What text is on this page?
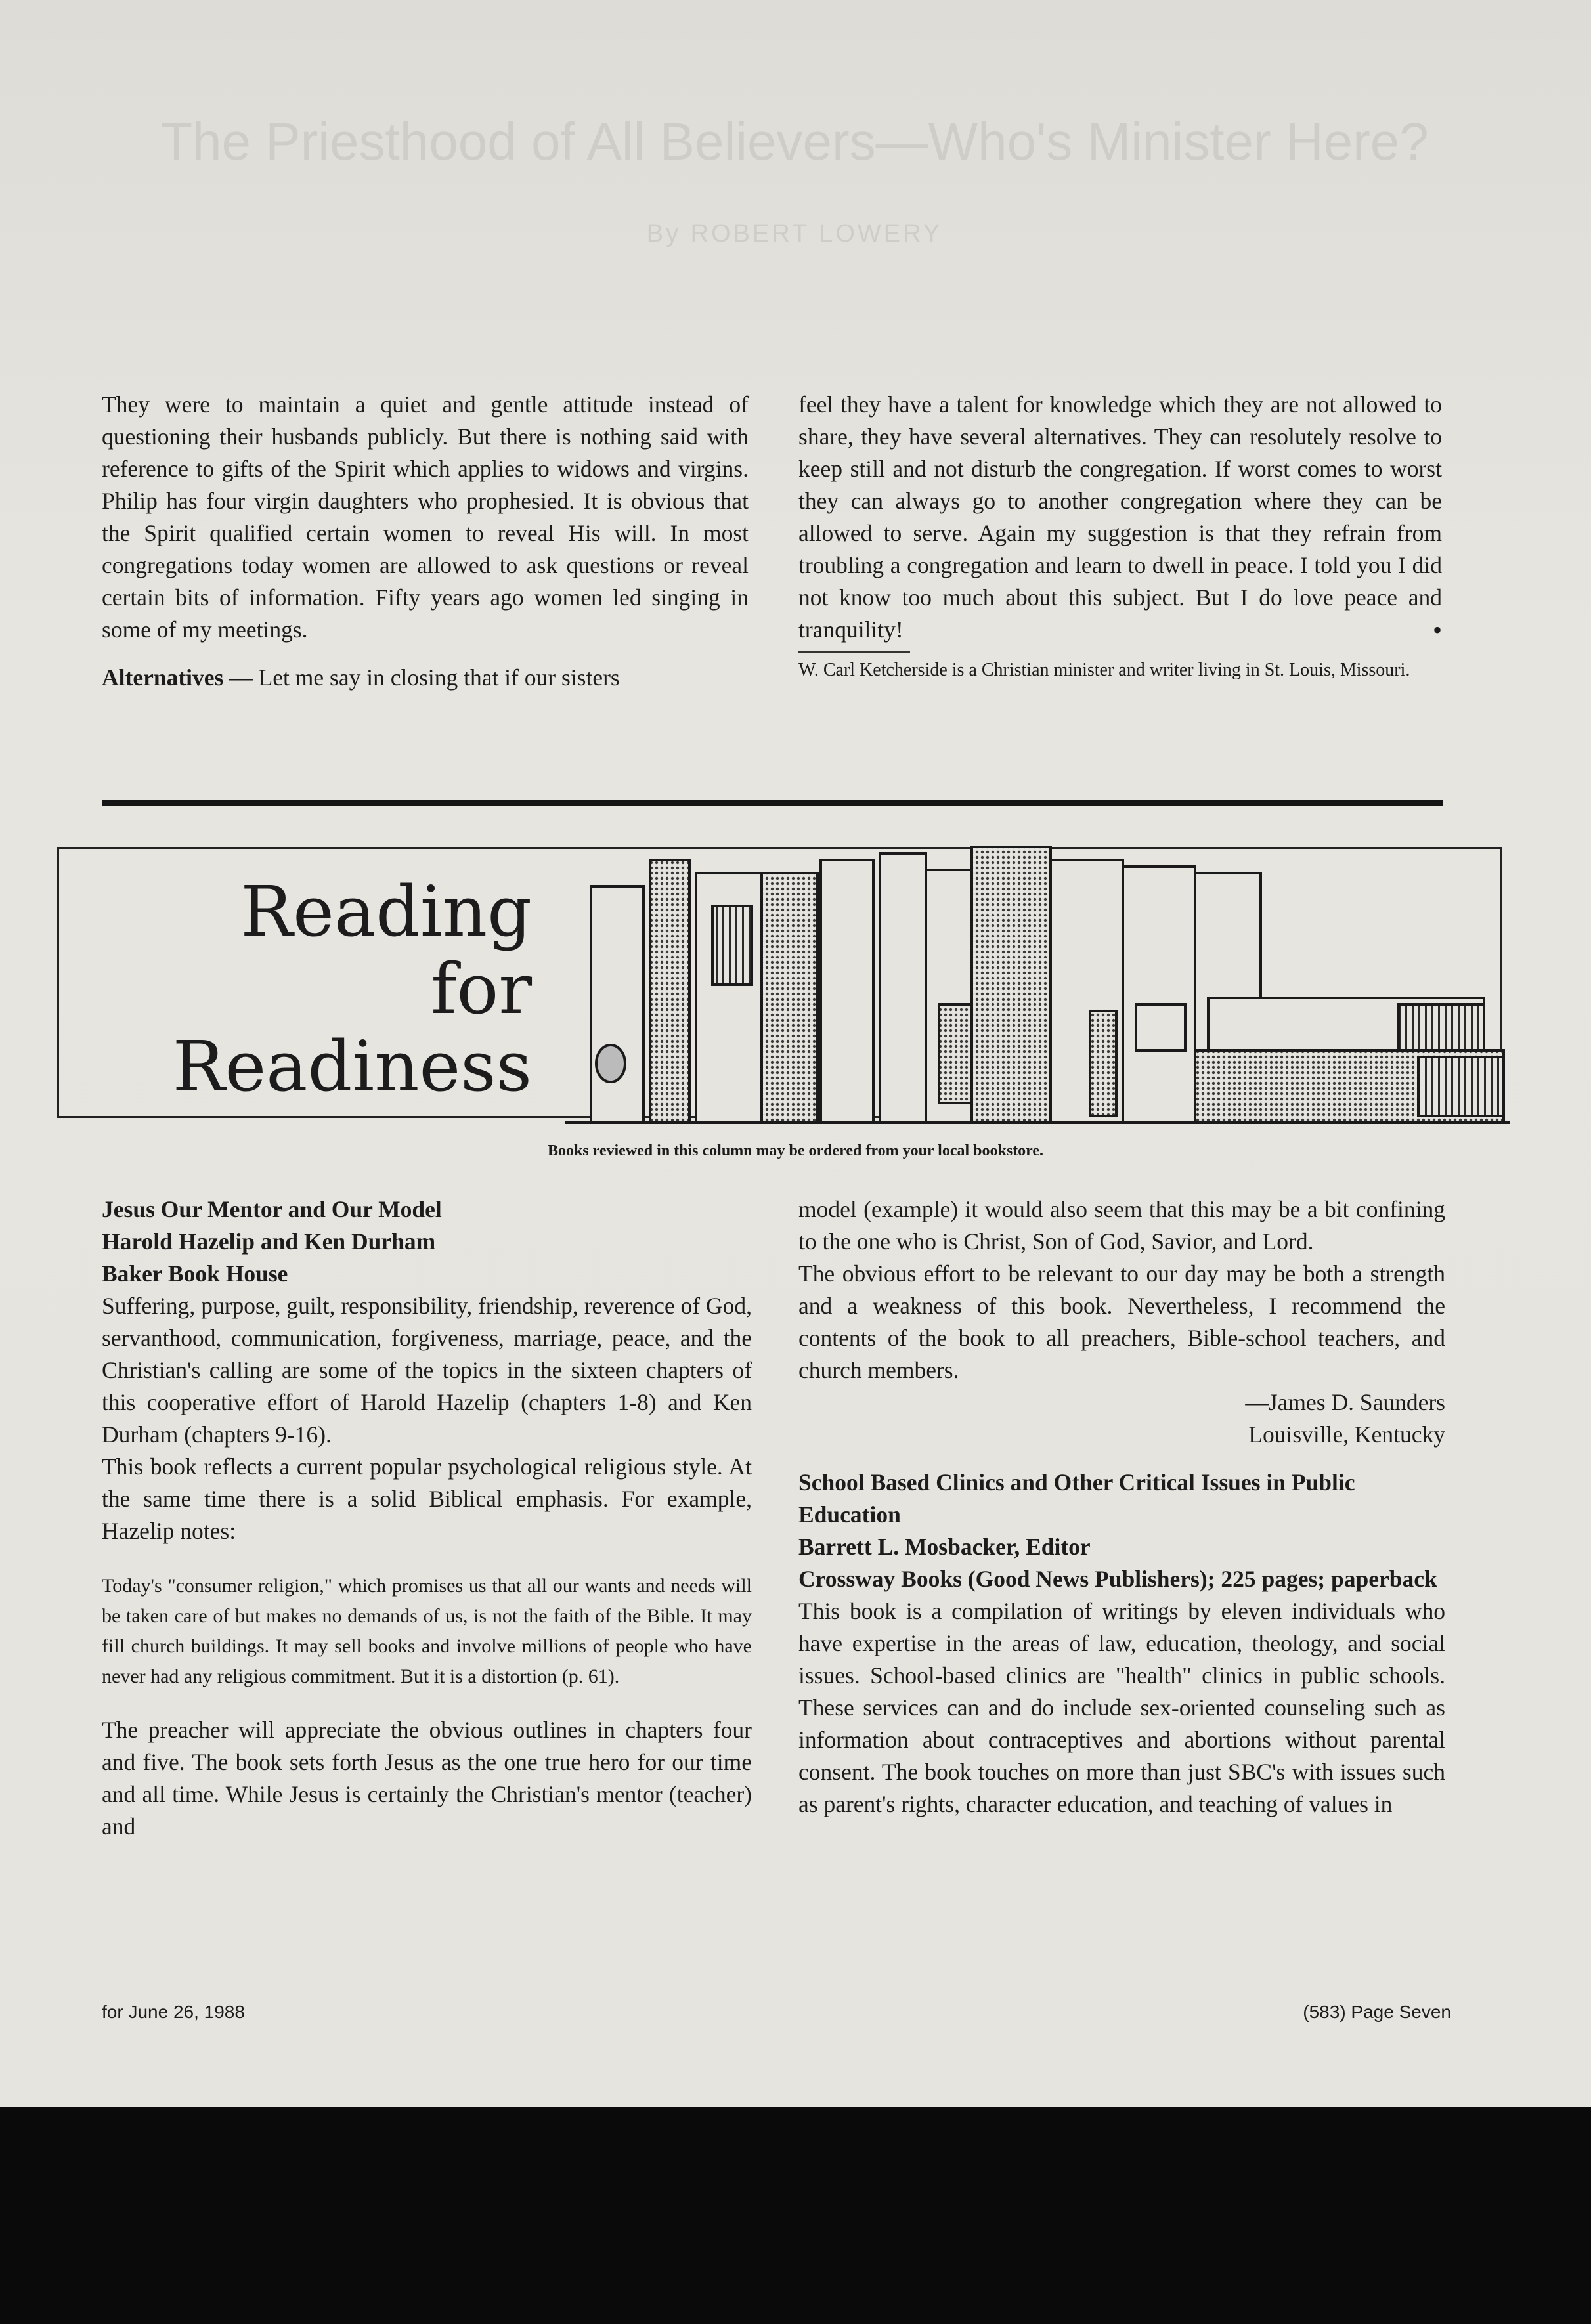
The Priesthood of All Believers—Who's Minister Here?
By ROBERT LOWERY

They were to maintain a quiet and gentle attitude instead of questioning their husbands publicly. But there is nothing said with reference to gifts of the Spirit which applies to widows and virgins. Philip has four virgin daughters who prophesied. It is obvious that the Spirit qualified certain women to reveal His will. In most congregations today women are allowed to ask questions or reveal certain bits of information. Fifty years ago women led singing in some of my meetings.

Alternatives — Let me say in closing that if our sisters

feel they have a talent for knowledge which they are not allowed to share, they have several alternatives. They can resolutely resolve to keep still and not disturb the congregation. If worst comes to worst they can always go to another congregation where they can be allowed to serve. Again my suggestion is that they refrain from troubling a congregation and learn to dwell in peace. I told you I did not know too much about this subject. But I do love peace and tranquility!	•

W. Carl Ketcherside is a Christian minister and writer living in St. Louis, Missouri.

Reading
for
Readiness
Books reviewed in this column may be ordered from your local bookstore.

Jesus Our Mentor and Our Model

Harold Hazelip and Ken Durham

Baker Book House

Suffering, purpose, guilt, responsibility, friendship, reverence of God, servanthood, communication, forgiveness, marriage, peace, and the Christian's calling are some of the topics in the sixteen chapters of this cooperative effort of Harold Hazelip (chapters 1-8) and Ken Durham (chapters 9-16).

This book reflects a current popular psychological religious style. At the same time there is a solid Biblical emphasis. For example, Hazelip notes:

Today's "consumer religion," which promises us that all our wants and needs will be taken care of but makes no demands of us, is not the faith of the Bible. It may fill church buildings. It may sell books and involve millions of people who have never had any religious commitment. But it is a distortion (p. 61).

The preacher will appreciate the obvious outlines in chapters four and five. The book sets forth Jesus as the one true hero for our time and all time. While Jesus is certainly the Christian's mentor (teacher) and

model (example) it would also seem that this may be a bit confining to the one who is Christ, Son of God, Savior, and Lord.

The obvious effort to be relevant to our day may be both a strength and a weakness of this book. Nevertheless, I recommend the contents of the book to all preachers, Bible-school teachers, and church members.

—James D. Saunders

Louisville, Kentucky

School Based Clinics and Other Critical Issues in Public Education

Barrett L. Mosbacker, Editor

Crossway Books (Good News Publishers); 225 pages; paperback

This book is a compilation of writings by eleven individuals who have expertise in the areas of law, education, theology, and social issues. School-based clinics are "health" clinics in public schools. These services can and do include sex-oriented counseling such as information about contraceptives and abortions without parental consent. The book touches on more than just SBC's with issues such as parent's rights, character education, and teaching of values in

for June 26, 1988	(583) Page Seven
